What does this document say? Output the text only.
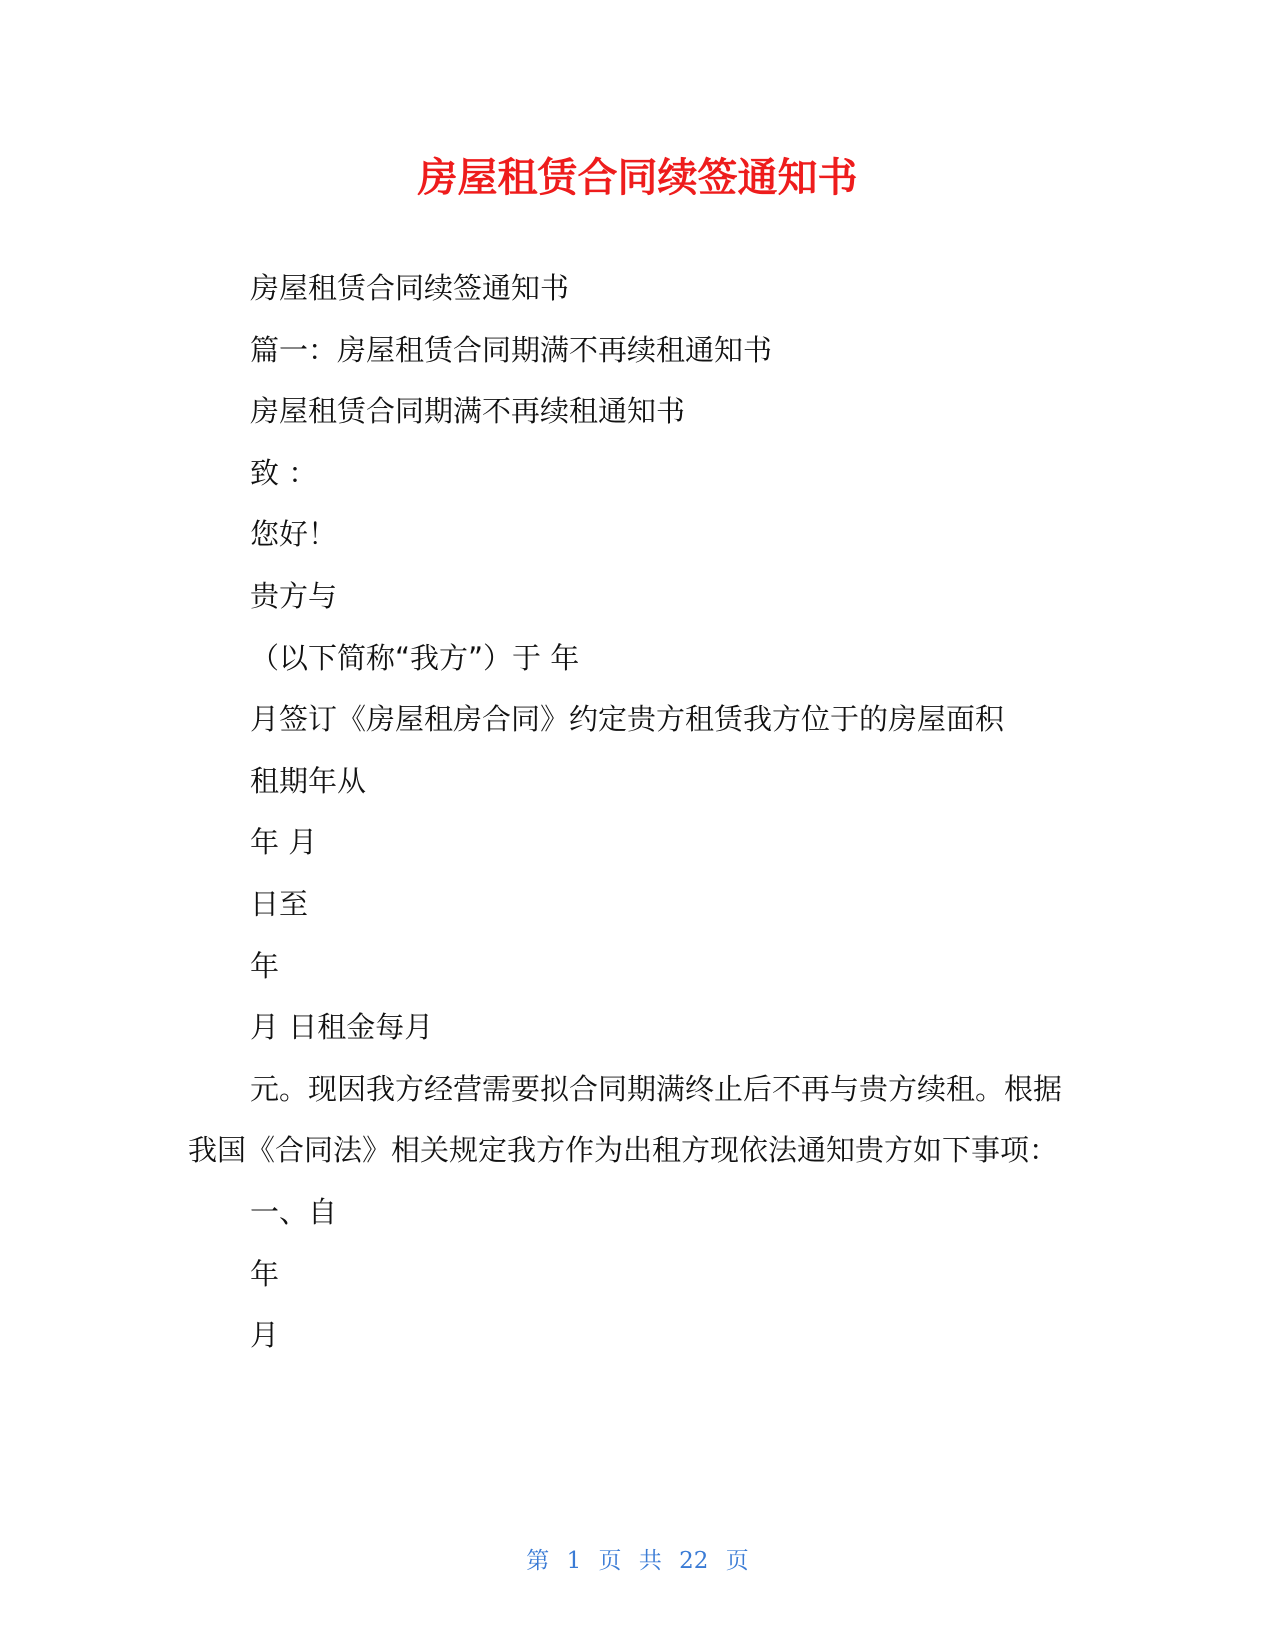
房屋租赁合同续签通知书

房屋租赁合同续签通知书

篇一：房屋租赁合同期满不再续租通知书

房屋租赁合同期满不再续租通知书

致 ：

您好！

贵方与

（以下简称“我方”）于 年

月签订《房屋租房合同》约定贵方租赁我方位于的房屋面积

租期年从

年 月

日至

年

月 日租金每月

元。现因我方经营需要拟合同期满终止后不再与贵方续租。根据我国《合同法》相关规定我方作为出租方现依法通知贵方如下事项：

一、自

年

月

第 1 页 共 22 页
